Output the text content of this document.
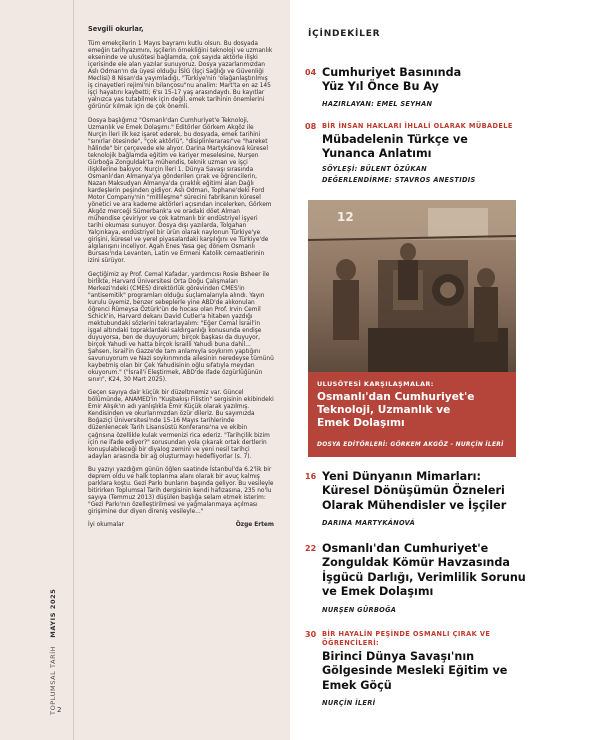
TOPLUMSAL TARİH   MAYIS 2025
2

Sevgili okurlar,

Tüm emekçilerin 1 Mayıs bayramı kutlu olsun. Bu dosyada emeğin tarihyazımını, işçilerin örnekliğini teknoloji ve uzmanlık ekseninde ve ulusötesi bağlamda, çok sayıda aktörle ilişki içerisinde ele alan yazılar sunuyoruz. Dosya yazarlarımızdan Aslı Odman'ın da üyesi olduğu İSİG (İşçi Sağlığı ve Güvenliği Meclisi) 8 Nisan'da yayımladığı, "Türkiye'nin 'olağanlaştırılmış iş cinayetleri rejimi'nin bilançosu"nu analim: Mart'ta en az 145 işçi hayatını kaybetti; 6'sı 15-17 yaş arasındaydı. Bu kayıtlar yalnızca yas tutabilmek için değil, emek tarihinin önemlerini görünür kılmak için de çok önemli.

Dosya başlığımız "Osmanlı'dan Cumhuriyet'e Teknoloji, Uzmanlık ve Emek Dolaşımı." Editörler Görkem Akgöz ile Nurçin İleri ilk kez işaret ederek, bu dosyada, emek tarihini "sınırlar ötesinde", "çok aktörlü", "disiplinlerarası"ve "hareket hâlinde" bir çerçevede ele alıyor. Darina Martykánová küresel teknolojik bağlamda eğitim ve kariyer meselesine, Nurşen Gürboğa Zonguldak'ta mühendis, teknik uzman ve işçi ilişkilerine bakıyor. Nurçin İleri 1. Dünya Savaşı sırasında Osmanlı'dan Almanya'ya gönderilen çırak ve öğrencilerin, Nazan Maksudyan Almanya'da çıraklık eğitimi alan Dağlı kardeşlerin peşinden gidiyor. Aslı Odman, Tophane'deki Ford Motor Company'nin "millileşme" sürecini fabrikanın küresel yönetici ve ara kademe aktörleri açısından incelerken, Görkem Akgöz merceği Sümerbank'a ve oradaki döet Alman mühendise çeviriyor ve çok katmanlı bir endüstriyel işyeri tarihi okuması sunuyor. Dosya dışı yazılarda, Tolgahan Yalçınkaya, endüstriyel bir ürün olarak naylonun Türkiye'ye girişini, küresel ve yerel piyasalardaki karşılığını ve Türkiye'de algılanışını inceliyor. Agah Enes Yasa geç dönem Osmanlı Bursası'nda Levanten, Latin ve Ermeni Katolik cemaatlerinin izini sürüyor.

Geçtiğimiz ay Prof. Cemal Kafadar, yardımcısı Rosie Bsheer ile birlikte, Harvard Üniversitesi Orta Doğu Çalışmaları Merkezi'ndeki (CMES) direktörlük görevinden CMES'in "antisemitik" programları olduğu suçlamalarıyla alındı. Yayın kurulu üyemiz, benzer sebeplerle yine ABD'de alıkonulan öğrenci Rümeysa Öztürk'ün de hocası olan Prof. Irvin Cemil Schick'in, Harvard dekanı David Cutler'a hitaben yazdığı mektubundaki sözlerini tekrarlayalım: "Eğer Cemal İsrail'in işgal altındaki topraklardaki saldırganlığı konusunda endişe duyuyorsa, ben de duyuyorum; birçok başkası da duyuyor, birçok Yahudi ve hatta birçok İsrailli Yahudi buna dahil... Şahsen, İsrail'in Gazze'de tam anlamıyla soykırım yaptığını savunuyorum ve Nazi soykırımında ailesinin neredeyse tümünü kaybetmiş olan bir Çek Yahudisinin oğlu sıfatıyla meydan okuyorum." ("İsrail'i Eleştirmek, ABD'de ifade özgürlüğünün sınırı", K24, 30 Mart 2025).

Geçen sayıya dair küçük bir düzeltmemiz var. Güncel bölümünde, ANAMED'in "Kuşbakışı Filistin" sergisinin ekibindeki Emir Alışık'ın adı yanlışlıkla Emir Küçük olarak yazılmış. Kendisinden ve okurlarımızdan özür dileriz. Bu sayımızda Boğaziçi Üniversitesi'nde 15-16 Mayıs tarihlerinde düzenlenecek Tarih Lisansüstü Konferansı'na ve ekibin çağrısına özellikle kulak vermenizi rica ederiz. "Tarihçilik bizim için ne ifade ediyor?" sorusundan yola çıkarak ortak dertlerin konuşulabileceği bir diyalog zemini ve yeni nesil tarihçi adayları arasında bir ağ oluşturmayı hedefliyorlar (s. 7).

Bu yazıyı yazdığım günün öğlen saatinde İstanbul'da 6.2'lik bir deprem oldu ve halk toplanma alanı olarak bir avuç kalmış parklara koştu. Gezi Parkı bunların başında geliyor. Bu vesileyle bitirirken Toplumsal Tarih dergisinin kendi hafızasına, 235 no'lu sayıya (Temmuz 2013) düşülen başlığa selam etmek isterim: "Gezi Parkı'nın özelleştirilmesi ve yağmalanmaya açılması girişimine dur diyen direniş vesileyle..."

İyi okumalar	Özge Ertem
İÇİNDEKİLER
04 Cumhuriyet Basınında
Yüz Yıl Önce Bu Ay
HAZIRLAYAN: EMEL SEYHAN
08 BİR İNSAN HAKLARI İHLALİ OLARAK MÜBADELE
Mübadelenin Türkçe ve
Yunanca Anlatımı
SÖYLEŞİ: BÜLENT ÖZÜKAN
DEĞERLENDİRME: STAVROS ANESTIDIS
12
ULUSÖTESİ KARŞILAŞMALAR:
Osmanlı'dan Cumhuriyet'e
Teknoloji, Uzmanlık ve
Emek Dolaşımı
DOSYA EDİTÖRLERİ: GÖRKEM AKGÖZ - NURÇİN İLERİ
16 Yeni Dünyanın Mimarları:
Küresel Dönüşümün Özneleri
Olarak Mühendisler ve İşçiler
DARINA MARTYKÁNOVÁ
22 Osmanlı'dan Cumhuriyet'e
Zonguldak Kömür Havzasında
İşgücü Darlığı, Verimlilik Sorunu
ve Emek Dolaşımı
NURŞEN GÜRBOĞA
30 BİR HAYALİN PEŞİNDE OSMANLI ÇIRAK VE
ÖĞRENCİLERİ:
Birinci Dünya Savaşı'nın
Gölgesinde Mesleki Eğitim ve
Emek Göçü
NURÇİN İLERİ
